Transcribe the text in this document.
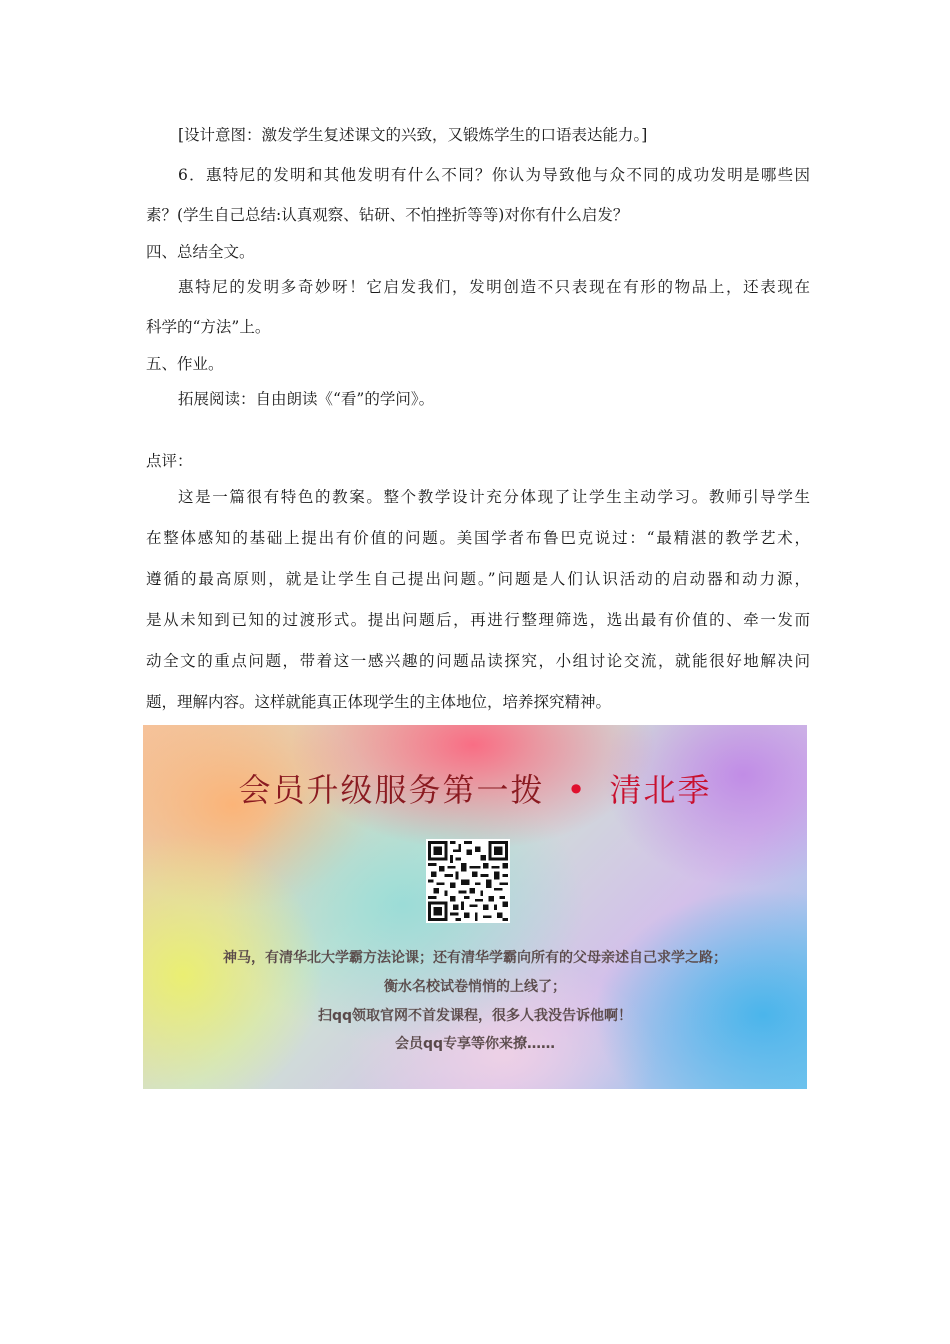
[设计意图：激发学生复述课文的兴致，又锻炼学生的口语表达能力。]
6．惠特尼的发明和其他发明有什么不同？你认为导致他与众不同的成功发明是哪些因
素？(学生自己总结:认真观察、钻研、不怕挫折等等)对你有什么启发？
四、总结全文。
惠特尼的发明多奇妙呀！它启发我们，发明创造不只表现在有形的物品上，还表现在
科学的“方法”上。
五、作业。
拓展阅读：自由朗读《“看”的学问》。
点评：
这是一篇很有特色的教案。整个教学设计充分体现了让学生主动学习。教师引导学生
在整体感知的基础上提出有价值的问题。美国学者布鲁巴克说过：“最精湛的教学艺术，
遵循的最高原则，就是让学生自己提出问题。”问题是人们认识活动的启动器和动力源，
是从未知到已知的过渡形式。提出问题后，再进行整理筛选，选出最有价值的、牵一发而
动全文的重点问题，带着这一感兴趣的问题品读探究，小组讨论交流，就能很好地解决问
题，理解内容。这样就能真正体现学生的主体地位，培养探究精神。
会员升级服务第一拨 • 清北季
神马，有清华北大学霸方法论课；还有清华学霸向所有的父母亲述自己求学之路；
衡水名校试卷悄悄的上线了；
扫qq领取官网不首发课程，很多人我没告诉他啊！
会员qq专享等你来撩……
